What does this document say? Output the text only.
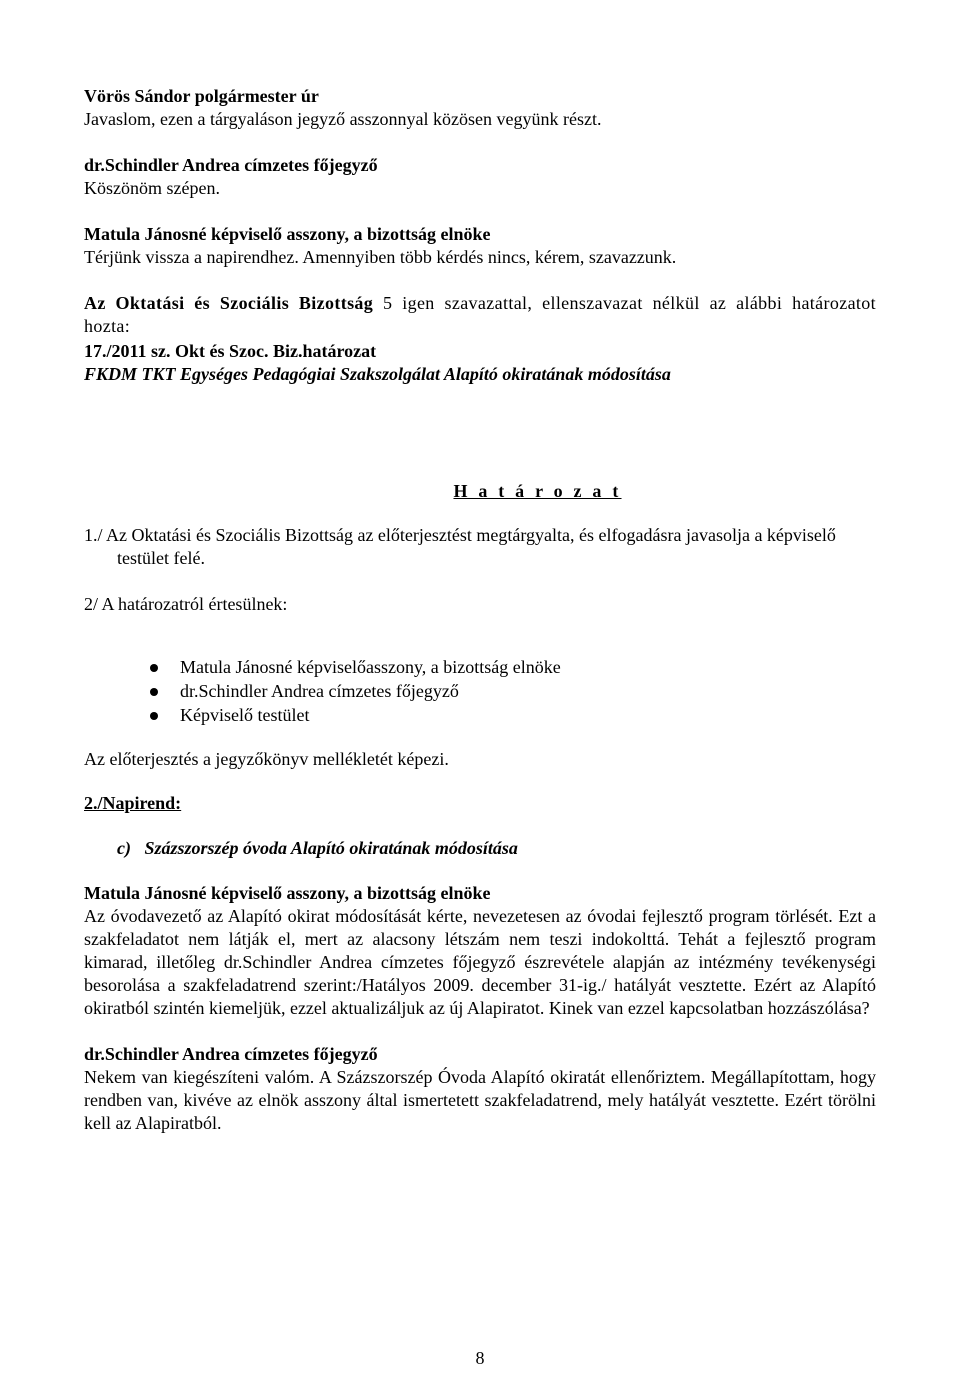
Vörös Sándor polgármester úr

Javaslom, ezen a tárgyaláson jegyző asszonnyal közösen vegyünk részt.

dr.Schindler Andrea címzetes főjegyző

Köszönöm szépen.

Matula Jánosné képviselő asszony, a bizottság elnöke

Térjünk vissza a napirendhez. Amennyiben több kérdés nincs, kérem, szavazzunk.

Az Oktatási és Szociális Bizottság 5 igen szavazattal, ellenszavazat nélkül az alábbi határozatot hozta:

17./2011 sz. Okt és Szoc. Biz.határozat

FKDM TKT Egységes Pedagógiai Szakszolgálat Alapító okiratának módosítása

H a t á r o z a t

1./ Az Oktatási és Szociális Bizottság az előterjesztést megtárgyalta, és elfogadásra javasolja a képviselő testület felé.

2/ A határozatról értesülnek:

Matula Jánosné képviselőasszony, a bizottság elnöke
dr.Schindler Andrea címzetes főjegyző
Képviselő testület

Az előterjesztés a jegyzőkönyv mellékletét képezi.

2./Napirend:

c)   Százszorszép óvoda Alapító okiratának módosítása

Matula Jánosné képviselő asszony, a bizottság elnöke

Az óvodavezető az Alapító okirat módosítását kérte, nevezetesen az óvodai fejlesztő program törlését. Ezt a szakfeladatot nem látják el, mert az alacsony létszám nem teszi indokolttá. Tehát a fejlesztő program kimarad, illetőleg dr.Schindler Andrea címzetes főjegyző észrevétele alapján az intézmény tevékenységi besorolása a szakfeladatrend szerint:/Hatályos 2009. december 31-ig./ hatályát vesztette. Ezért az Alapító okiratból szintén kiemeljük, ezzel aktualizáljuk az új Alapiratot. Kinek van ezzel kapcsolatban hozzászólása?

dr.Schindler Andrea címzetes főjegyző

Nekem van kiegészíteni valóm. A Százszorszép Óvoda Alapító okiratát ellenőriztem. Megállapítottam, hogy rendben van, kivéve az elnök asszony által ismertetett szakfeladatrend, mely hatályát vesztette. Ezért törölni kell az Alapiratból.

8
